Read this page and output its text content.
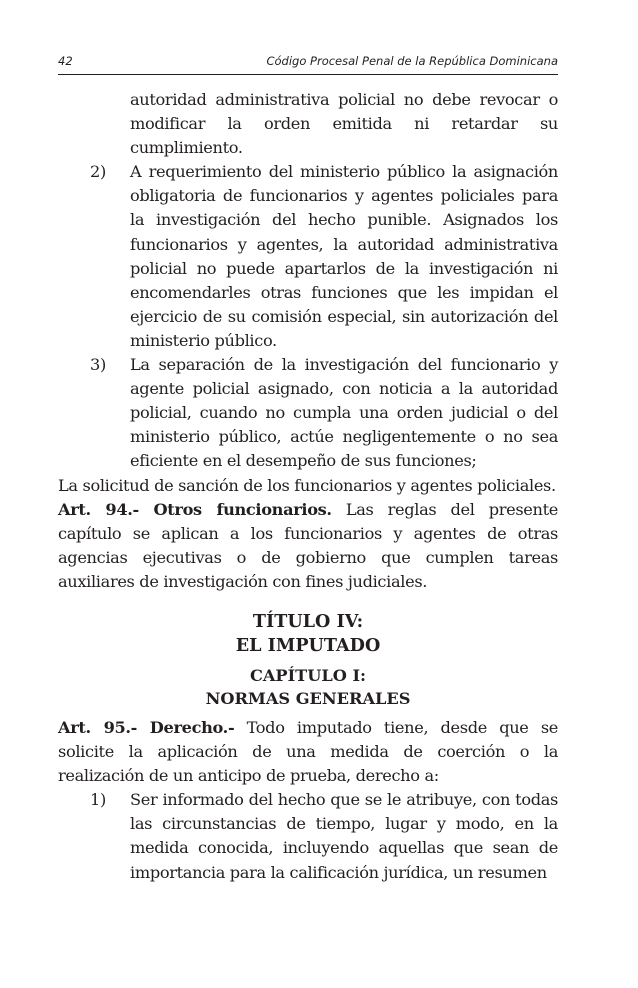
42	Código Procesal Penal de la República Dominicana

autoridad administrativa policial no debe revocar o modificar la orden emitida ni retardar su cumplimiento.

2) A requerimiento del ministerio público la asignación obligatoria de funcionarios y agentes policiales para la investigación del hecho punible. Asignados los funcionarios y agentes, la autoridad administrativa policial no puede apartarlos de la investigación ni encomendarles otras funciones que les impidan el ejercicio de su comisión especial, sin autorización del ministerio público.

3) La separación de la investigación del funcionario y agente policial asignado, con noticia a la autoridad policial, cuando no cumpla una orden judicial o del ministerio público, actúe negligentemente o no sea eficiente en el desempeño de sus funciones;

La solicitud de sanción de los funcionarios y agentes policiales.

Art. 94.- Otros funcionarios. Las reglas del presente capítulo se aplican a los funcionarios y agentes de otras agencias ejecutivas o de gobierno que cumplen tareas auxiliares de investigación con fines judiciales.

TÍTULO IV:
EL IMPUTADO
CAPÍTULO I:
NORMAS GENERALES

Art. 95.- Derecho.- Todo imputado tiene, desde que se solicite la aplicación de una medida de coerción o la realización de un anticipo de prueba, derecho a:

1) Ser informado del hecho que se le atribuye, con todas las circunstancias de tiempo, lugar y modo, en la medida conocida, incluyendo aquellas que sean de importancia para la calificación jurídica, un resumen
